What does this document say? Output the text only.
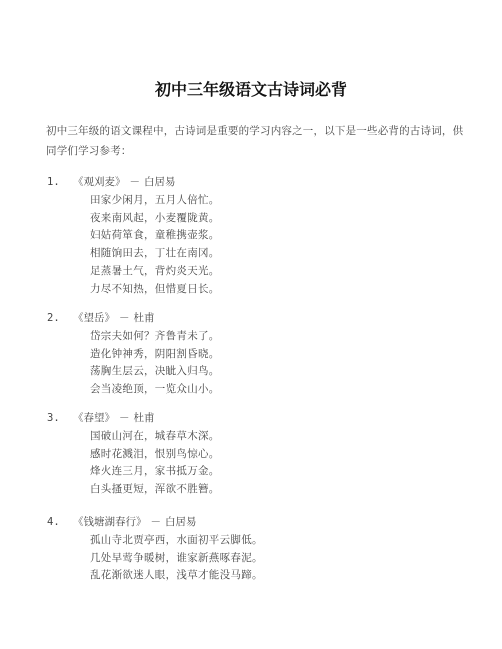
初中三年级语文古诗词必背

初中三年级的语文课程中，古诗词是重要的学习内容之一，以下是一些必背的古诗词，供同学们学习参考：

1. 《观刈麦》 － 白居易
田家少闲月，五月人倍忙。
夜来南风起，小麦覆陇黄。
妇姑荷箪食，童稚携壶浆。
相随饷田去，丁壮在南冈。
足蒸暑土气，背灼炎天光。
力尽不知热，但惜夏日长。
2. 《望岳》 － 杜甫
岱宗夫如何？齐鲁青未了。
造化钟神秀，阴阳割昏晓。
荡胸生层云，决眦入归鸟。
会当凌绝顶，一览众山小。
3. 《春望》 － 杜甫
国破山河在，城春草木深。
感时花溅泪，恨别鸟惊心。
烽火连三月，家书抵万金。
白头搔更短，浑欲不胜簪。
4. 《钱塘湖春行》 － 白居易
孤山寺北贾亭西，水面初平云脚低。
几处早莺争暖树，谁家新燕啄春泥。
乱花渐欲迷人眼，浅草才能没马蹄。
